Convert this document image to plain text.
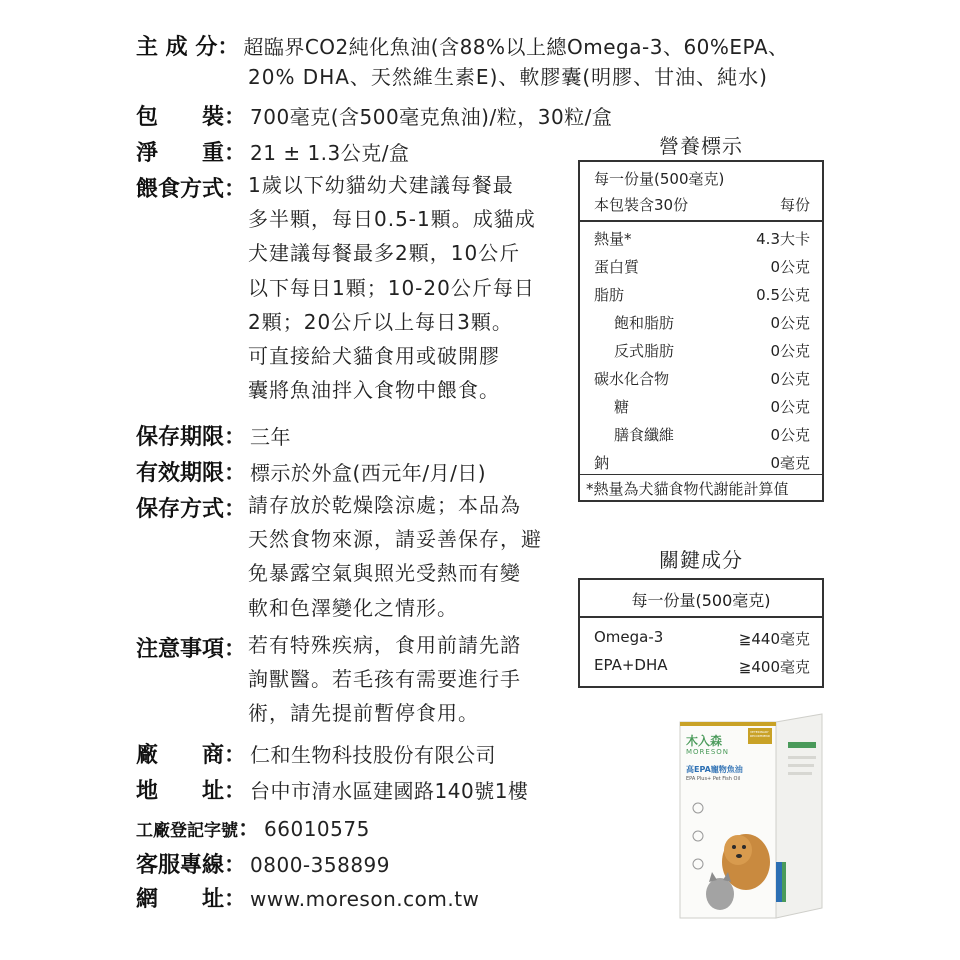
主 成 分 ： 超臨界CO2純化魚油(含88%以上總Omega-3、60%EPA、
20% DHA、天然維生素E)、軟膠囊(明膠、甘油、純水)
包　　裝 ： 700毫克(含500毫克魚油)/粒，30粒/盒
淨　　重 ： 21 ± 1.3公克/盒
餵食方式 ： 1歲以下幼貓幼犬建議每餐最
多半顆，每日0.5-1顆。成貓成
犬建議每餐最多2顆，10公斤
以下每日1顆；10-20公斤每日
2顆；20公斤以上每日3顆。
可直接給犬貓食用或破開膠
囊將魚油拌入食物中餵食。
保存期限 ： 三年
有效期限 ： 標示於外盒(西元年/月/日)
保存方式 ： 請存放於乾燥陰涼處；本品為
天然食物來源，請妥善保存，避
免暴露空氣與照光受熱而有變
軟和色澤變化之情形。
注意事項 ： 若有特殊疾病，食用前請先諮
詢獸醫。若毛孩有需要進行手
術，請先提前暫停食用。
廠　　商 ： 仁和生物科技股份有限公司
地　　址 ： 台中市清水區建國路140號1樓
工廠登記字號 ： 66010575
客服專線 ： 0800-358899
網　　址 ： www.moreson.com.tw
營養標示
每一份量(500毫克)
本包裝含30份	每份
熱量*	4.3大卡
蛋白質	0公克
脂肪	0.5公克
飽和脂肪	0公克
反式脂肪	0公克
碳水化合物	0公克
糖	0公克
膳食纖維	0公克
鈉	0毫克
*熱量為犬貓食物代謝能計算值
關鍵成分
每一份量(500毫克)
Omega-3	≧440毫克
EPA+DHA	≧400毫克
木入森
MORESON
VETERINARY RECOMMEND
高EPA寵物魚油
EPA Plus+ Pet Fish Oil
